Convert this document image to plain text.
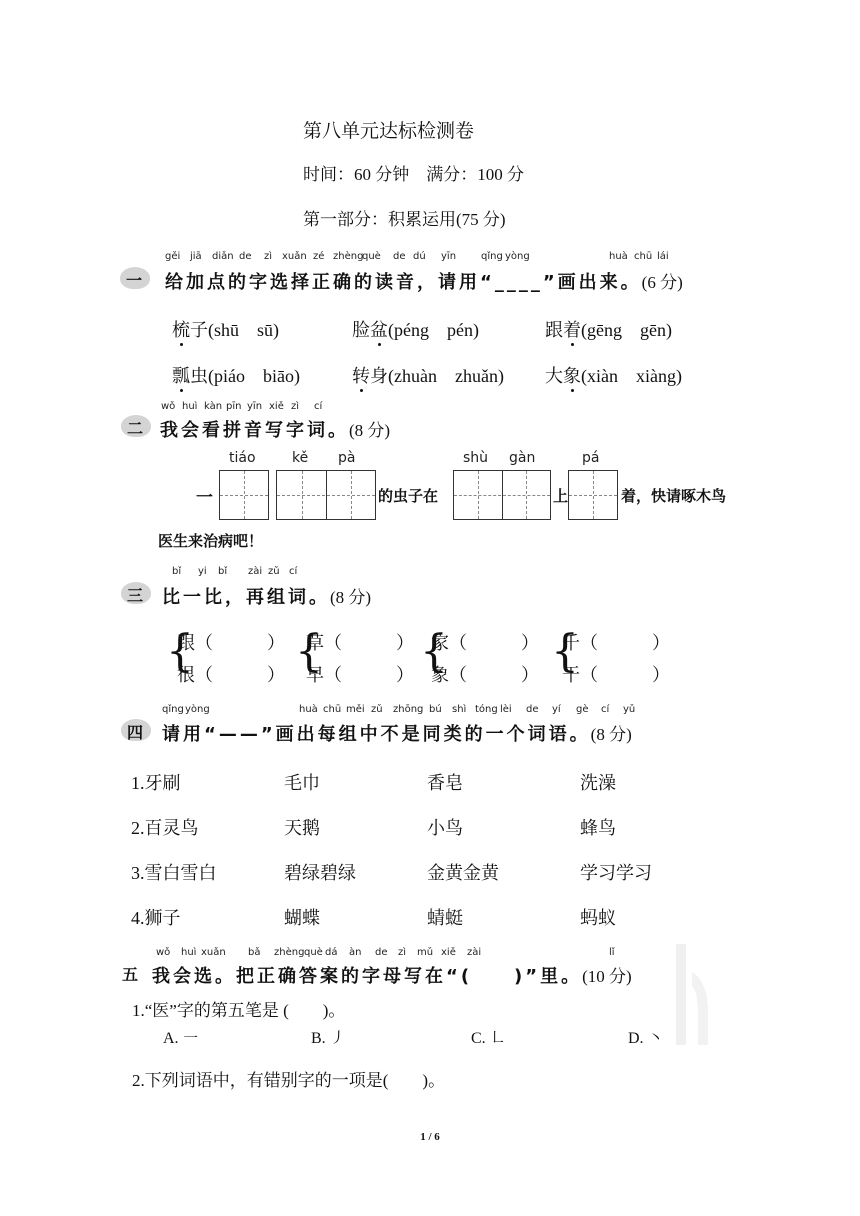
第八单元达标检测卷
时间：60 分钟　满分：100 分
第一部分：积累运用(75 分)
一
gěi jiā diǎn de zì xuǎn zé zhèng
què de dú yīn qǐng yòng	huà chū lái
给加点的字选择正确的读音，请用“____”画出来。(6 分)
梳子(shū　sū)	脸盆(péng　pén)	跟着(gēng　gēn)
瓢虫(piáo　biāo)	转身(zhuàn　zhuǎn) 大象(xiàn　xiàng)
二
wǒ huì kàn pīn yīn xiě zì cí
我会看拼音写字词。(8 分)
tiáo	kě pà	shù gàn	pá
一	的虫子在	上	着，快请啄木鸟
医生来治病吧！
三
bǐ yi bǐ zài zǔ cí
比一比，再组词。(8 分)
{
跟（　　　）
很（　　　） {
草（　　　）
早（　　　） {
家（　　　）
象（　　　） {
千（　　　）
干（　　　）
四
qǐng yòng	huà chū měi zǔ zhōng bú shì tóng lèi de yí gè cí yǔ
请用“——”画出每组中不是同类的一个词语。(8 分)
1.牙刷	毛巾	香皂	洗澡
2.百灵鸟	天鹅	小鸟	蜂鸟
3.雪白雪白	碧绿碧绿	金黄金黄	学习学习
4.狮子	蝴蝶	蜻蜓	蚂蚁
五
wǒ huì xuǎn bǎ zhèng què dá àn de zì mǔ xiě zài	lǐ
我会选。把正确答案的字母写在“(　　)”里。(10 分)
1.“医”字的第五笔是 (　　)。
A. ㇐	B. ㇓	C. ㇗	D. ㇔
2.下列词语中，有错别字的一项是(　　)。
1 / 6
